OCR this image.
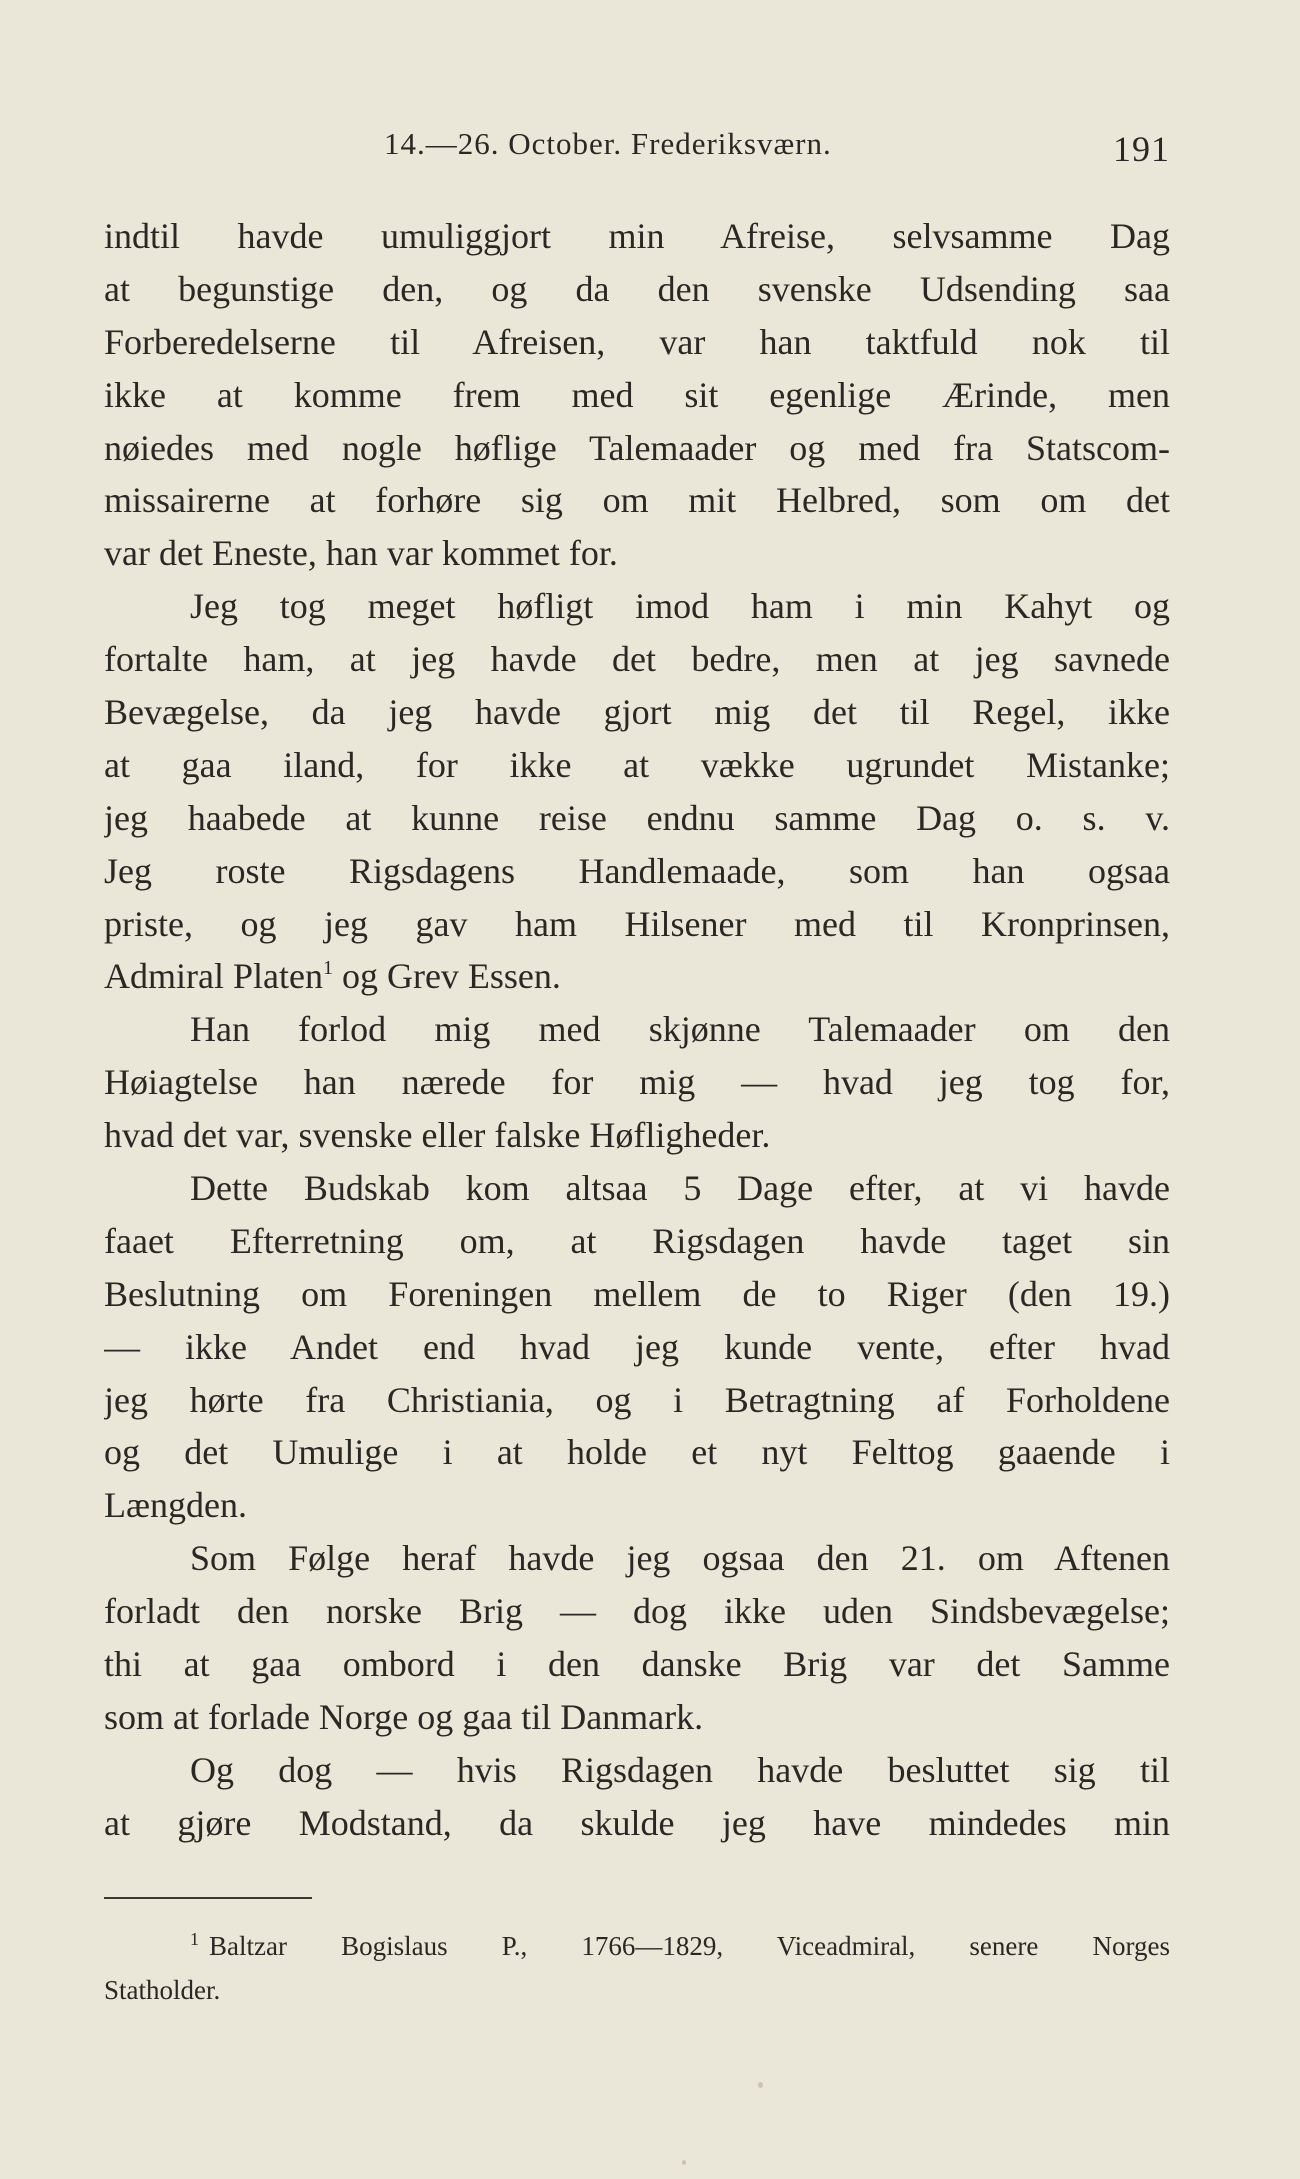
14.—26. October. Frederiksværn.	191
indtil havde umuliggjort min Afreise, selvsamme Dag
at begunstige den, og da den svenske Udsending saa
Forberedelserne til Afreisen, var han taktfuld nok til
ikke at komme frem med sit egenlige Ærinde, men
nøiedes med nogle høflige Talemaader og med fra Statscom-
missairerne at forhøre sig om mit Helbred, som om det
var det Eneste, han var kommet for.
Jeg tog meget høfligt imod ham i min Kahyt og
fortalte ham, at jeg havde det bedre, men at jeg savnede
Bevægelse, da jeg havde gjort mig det til Regel, ikke
at gaa iland, for ikke at vække ugrundet Mistanke;
jeg haabede at kunne reise endnu samme Dag o. s. v.
Jeg roste Rigsdagens Handlemaade, som han ogsaa
priste, og jeg gav ham Hilsener med til Kronprinsen,
Admiral Platen$^1$ og Grev Essen.
Han forlod mig med skjønne Talemaader om den
Høiagtelse han nærede for mig — hvad jeg tog for,
hvad det var, svenske eller falske Høfligheder.
Dette Budskab kom altsaa 5 Dage efter, at vi havde
faaet Efterretning om, at Rigsdagen havde taget sin
Beslutning om Foreningen mellem de to Riger (den 19.)
— ikke Andet end hvad jeg kunde vente, efter hvad
jeg hørte fra Christiania, og i Betragtning af Forholdene
og det Umulige i at holde et nyt Felttog gaaende i
Længden.
Som Følge heraf havde jeg ogsaa den 21. om Aftenen
forladt den norske Brig — dog ikke uden Sindsbevægelse;
thi at gaa ombord i den danske Brig var det Samme
som at forlade Norge og gaa til Danmark.
Og dog — hvis Rigsdagen havde besluttet sig til
at gjøre Modstand, da skulde jeg have mindedes min
$^1$ Baltzar Bogislaus P., 1766—1829, Viceadmiral, senere Norges
Statholder.
